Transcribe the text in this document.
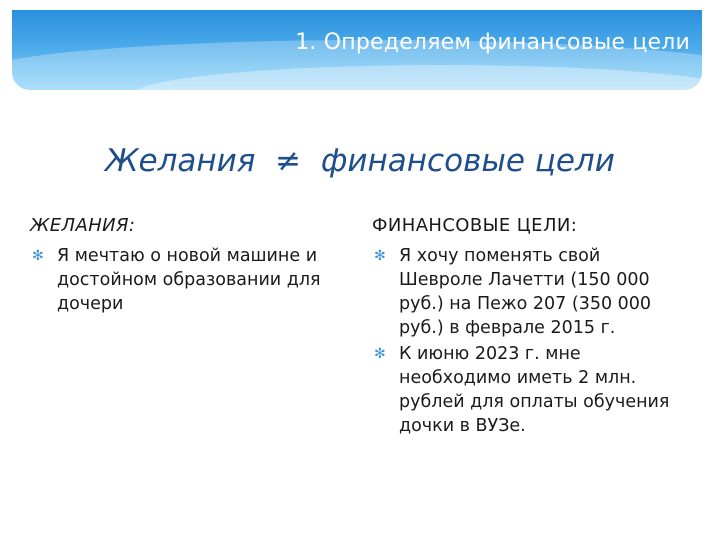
1. Определяем финансовые цели
Желания ≠ финансовые цели

ЖЕЛАНИЯ:

✻ Я мечтаю о новой машине и достойном образовании для дочери

ФИНАНСОВЫЕ ЦЕЛИ:

✻ Я хочу поменять свой Шевроле Лачетти (150 000 руб.) на Пежо 207 (350 000 руб.) в феврале 2015 г.
✻ К июню 2023 г. мне необходимо иметь 2 млн. рублей для оплаты обучения дочки в ВУЗе.
